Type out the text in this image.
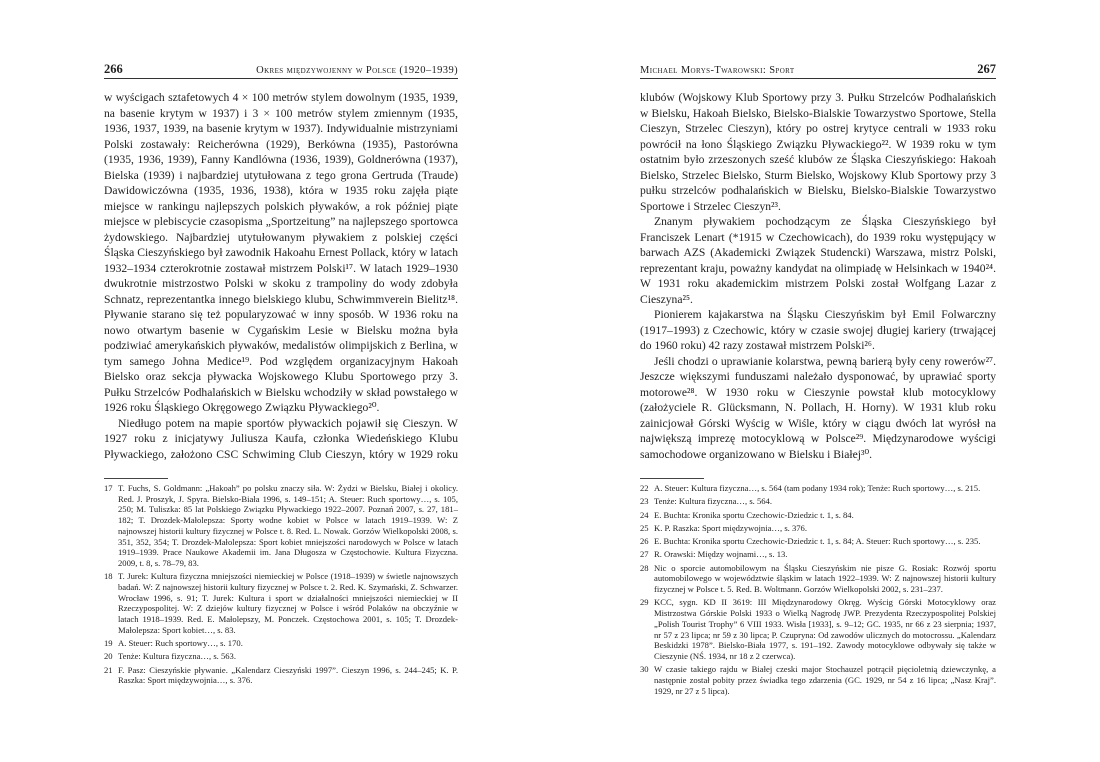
266	Okres międzywojenny w Polsce (1920–1939)

w wyścigach sztafetowych 4 × 100 metrów stylem dowolnym (1935, 1939, na basenie krytym w 1937) i 3 × 100 metrów stylem zmiennym (1935, 1936, 1937, 1939, na basenie krytym w 1937). Indywidualnie mistrzyniami Polski zostawały: Reicherówna (1929), Berkówna (1935), Pastorówna (1935, 1936, 1939), Fanny Kandlówna (1936, 1939), Goldnerówna (1937), Bielska (1939) i najbardziej utytułowana z tego grona Gertruda (Traude) Dawidowiczówna (1935, 1936, 1938), która w 1935 roku zajęła piąte miejsce w rankingu najlepszych polskich pływaków, a rok później piąte miejsce w plebiscycie czasopisma „Sportzeitung” na najlepszego sportowca żydowskiego. Najbardziej utytułowanym pływakiem z polskiej części Śląska Cieszyńskiego był zawodnik Hakoahu Ernest Pollack, który w latach 1932–1934 czterokrotnie zostawał mistrzem Polski¹⁷. W latach 1929–1930 dwukrotnie mistrzostwo Polski w skoku z trampoliny do wody zdobyła Schnatz, reprezentantka innego bielskiego klubu, Schwimmverein Bielitz¹⁸. Pływanie starano się też popularyzować w inny sposób. W 1936 roku na nowo otwartym basenie w Cygańskim Lesie w Bielsku można była podziwiać amerykańskich pływaków, medalistów olimpijskich z Berlina, w tym samego Johna Medice¹⁹. Pod względem organizacyjnym Hakoah Bielsko oraz sekcja pływacka Wojskowego Klubu Sportowego przy 3. Pułku Strzelców Podhalańskich w Bielsku wchodziły w skład powstałego w 1926 roku Śląskiego Okręgowego Związku Pływackiego²⁰.

Niedługo potem na mapie sportów pływackich pojawił się Cieszyn. W 1927 roku z inicjatywy Juliusza Kaufa, członka Wiedeńskiego Klubu Pływackiego, założono CSC Schwiming Club Cieszyn, który w 1929 roku

17 T. Fuchs, S. Goldmann: „Hakoah” po polsku znaczy siła. W: Żydzi w Bielsku, Białej i okolicy. Red. J. Proszyk, J. Spyra. Bielsko-Biała 1996, s. 149–151; A. Steuer: Ruch sportowy…, s. 105, 250; M. Tuliszka: 85 lat Polskiego Związku Pływackiego 1922–2007. Poznań 2007, s. 27, 181–182; T. Drozdek-Małolepsza: Sporty wodne kobiet w Polsce w latach 1919–1939. W: Z najnowszej historii kultury fizycznej w Polsce t. 8. Red. L. Nowak. Gorzów Wielkopolski 2008, s. 351, 352, 354; T. Drozdek-Małolepsza: Sport kobiet mniejszości narodowych w Polsce w latach 1919–1939. Prace Naukowe Akademii im. Jana Długosza w Częstochowie. Kultura Fizyczna. 2009, t. 8, s. 78–79, 83.
18 T. Jurek: Kultura fizyczna mniejszości niemieckiej w Polsce (1918–1939) w świetle najnowszych badań. W: Z najnowszej historii kultury fizycznej w Polsce t. 2. Red. K. Szymański, Z. Schwarzer. Wrocław 1996, s. 91; T. Jurek: Kultura i sport w działalności mniejszości niemieckiej w II Rzeczypospolitej. W: Z dziejów kultury fizycznej w Polsce i wśród Polaków na obczyźnie w latach 1918–1939. Red. E. Małolepszy, M. Ponczek. Częstochowa 2001, s. 105; T. Drozdek-Małolepsza: Sport kobiet…, s. 83.
19 A. Steuer: Ruch sportowy…, s. 170.
20 Tenże: Kultura fizyczna…, s. 563.
21 F. Pasz: Cieszyńskie pływanie. „Kalendarz Cieszyński 1997”. Cieszyn 1996, s. 244–245; K. P. Raszka: Sport międzywojnia…, s. 376.
Michael Morys-Twarowski: Sport	267

klubów (Wojskowy Klub Sportowy przy 3. Pułku Strzelców Podhalańskich w Bielsku, Hakoah Bielsko, Bielsko-Bialskie Towarzystwo Sportowe, Stella Cieszyn, Strzelec Cieszyn), który po ostrej krytyce centrali w 1933 roku powrócił na łono Śląskiego Związku Pływackiego²². W 1939 roku w tym ostatnim było zrzeszonych sześć klubów ze Śląska Cieszyńskiego: Hakoah Bielsko, Strzelec Bielsko, Sturm Bielsko, Wojskowy Klub Sportowy przy 3 pułku strzelców podhalańskich w Bielsku, Bielsko-Bialskie Towarzystwo Sportowe i Strzelec Cieszyn²³.

Znanym pływakiem pochodzącym ze Śląska Cieszyńskiego był Franciszek Lenart (*1915 w Czechowicach), do 1939 roku występujący w barwach AZS (Akademicki Związek Studencki) Warszawa, mistrz Polski, reprezentant kraju, poważny kandydat na olimpiadę w Helsinkach w 1940²⁴. W 1931 roku akademickim mistrzem Polski został Wolfgang Lazar z Cieszyna²⁵.

Pionierem kajakarstwa na Śląsku Cieszyńskim był Emil Folwarczny (1917–1993) z Czechowic, który w czasie swojej długiej kariery (trwającej do 1960 roku) 42 razy zostawał mistrzem Polski²⁶.

Jeśli chodzi o uprawianie kolarstwa, pewną barierą były ceny rowerów²⁷. Jeszcze większymi funduszami należało dysponować, by uprawiać sporty motorowe²⁸. W 1930 roku w Cieszynie powstał klub motocyklowy (założyciele R. Glücksmann, N. Pollach, H. Horny). W 1931 klub roku zainicjował Górski Wyścig w Wiśle, który w ciągu dwóch lat wyrósł na największą imprezę motocyklową w Polsce²⁹. Międzynarodowe wyścigi samochodowe organizowano w Bielsku i Białej³⁰.

22 A. Steuer: Kultura fizyczna…, s. 564 (tam podany 1934 rok); Tenże: Ruch sportowy…, s. 215.
23 Tenże: Kultura fizyczna…, s. 564.
24 E. Buchta: Kronika sportu Czechowic-Dziedzic t. 1, s. 84.
25 K. P. Raszka: Sport międzywojnia…, s. 376.
26 E. Buchta: Kronika sportu Czechowic-Dziedzic t. 1, s. 84; A. Steuer: Ruch sportowy…, s. 235.
27 R. Orawski: Między wojnami…, s. 13.
28 Nic o sporcie automobilowym na Śląsku Cieszyńskim nie pisze G. Rosiak: Rozwój sportu automobilowego w województwie śląskim w latach 1922–1939. W: Z najnowszej historii kultury fizycznej w Polsce t. 5. Red. B. Woltmann. Gorzów Wielkopolski 2002, s. 231–237.
29 KCC, sygn. KD II 3619: III Międzynarodowy Okręg. Wyścig Górski Motocyklowy oraz Mistrzostwa Górskie Polski 1933 o Wielką Nagrodę JWP. Prezydenta Rzeczypospolitej Polskiej „Polish Tourist Trophy” 6 VIII 1933. Wisła [1933], s. 9–12; GC. 1935, nr 66 z 23 sierpnia; 1937, nr 57 z 23 lipca; nr 59 z 30 lipca; P. Czupryna: Od zawodów ulicznych do motocrossu. „Kalendarz Beskidzki 1978”. Bielsko-Biała 1977, s. 191–192. Zawody motocyklowe odbywały się także w Cieszynie (NŚ. 1934, nr 18 z 2 czerwca).
30 W czasie takiego rajdu w Białej czeski major Stochauzel potrącił pięcioletnią dziewczynkę, a następnie został pobity przez świadka tego zdarzenia (GC. 1929, nr 54 z 16 lipca; „Nasz Kraj”. 1929, nr 27 z 5 lipca).
